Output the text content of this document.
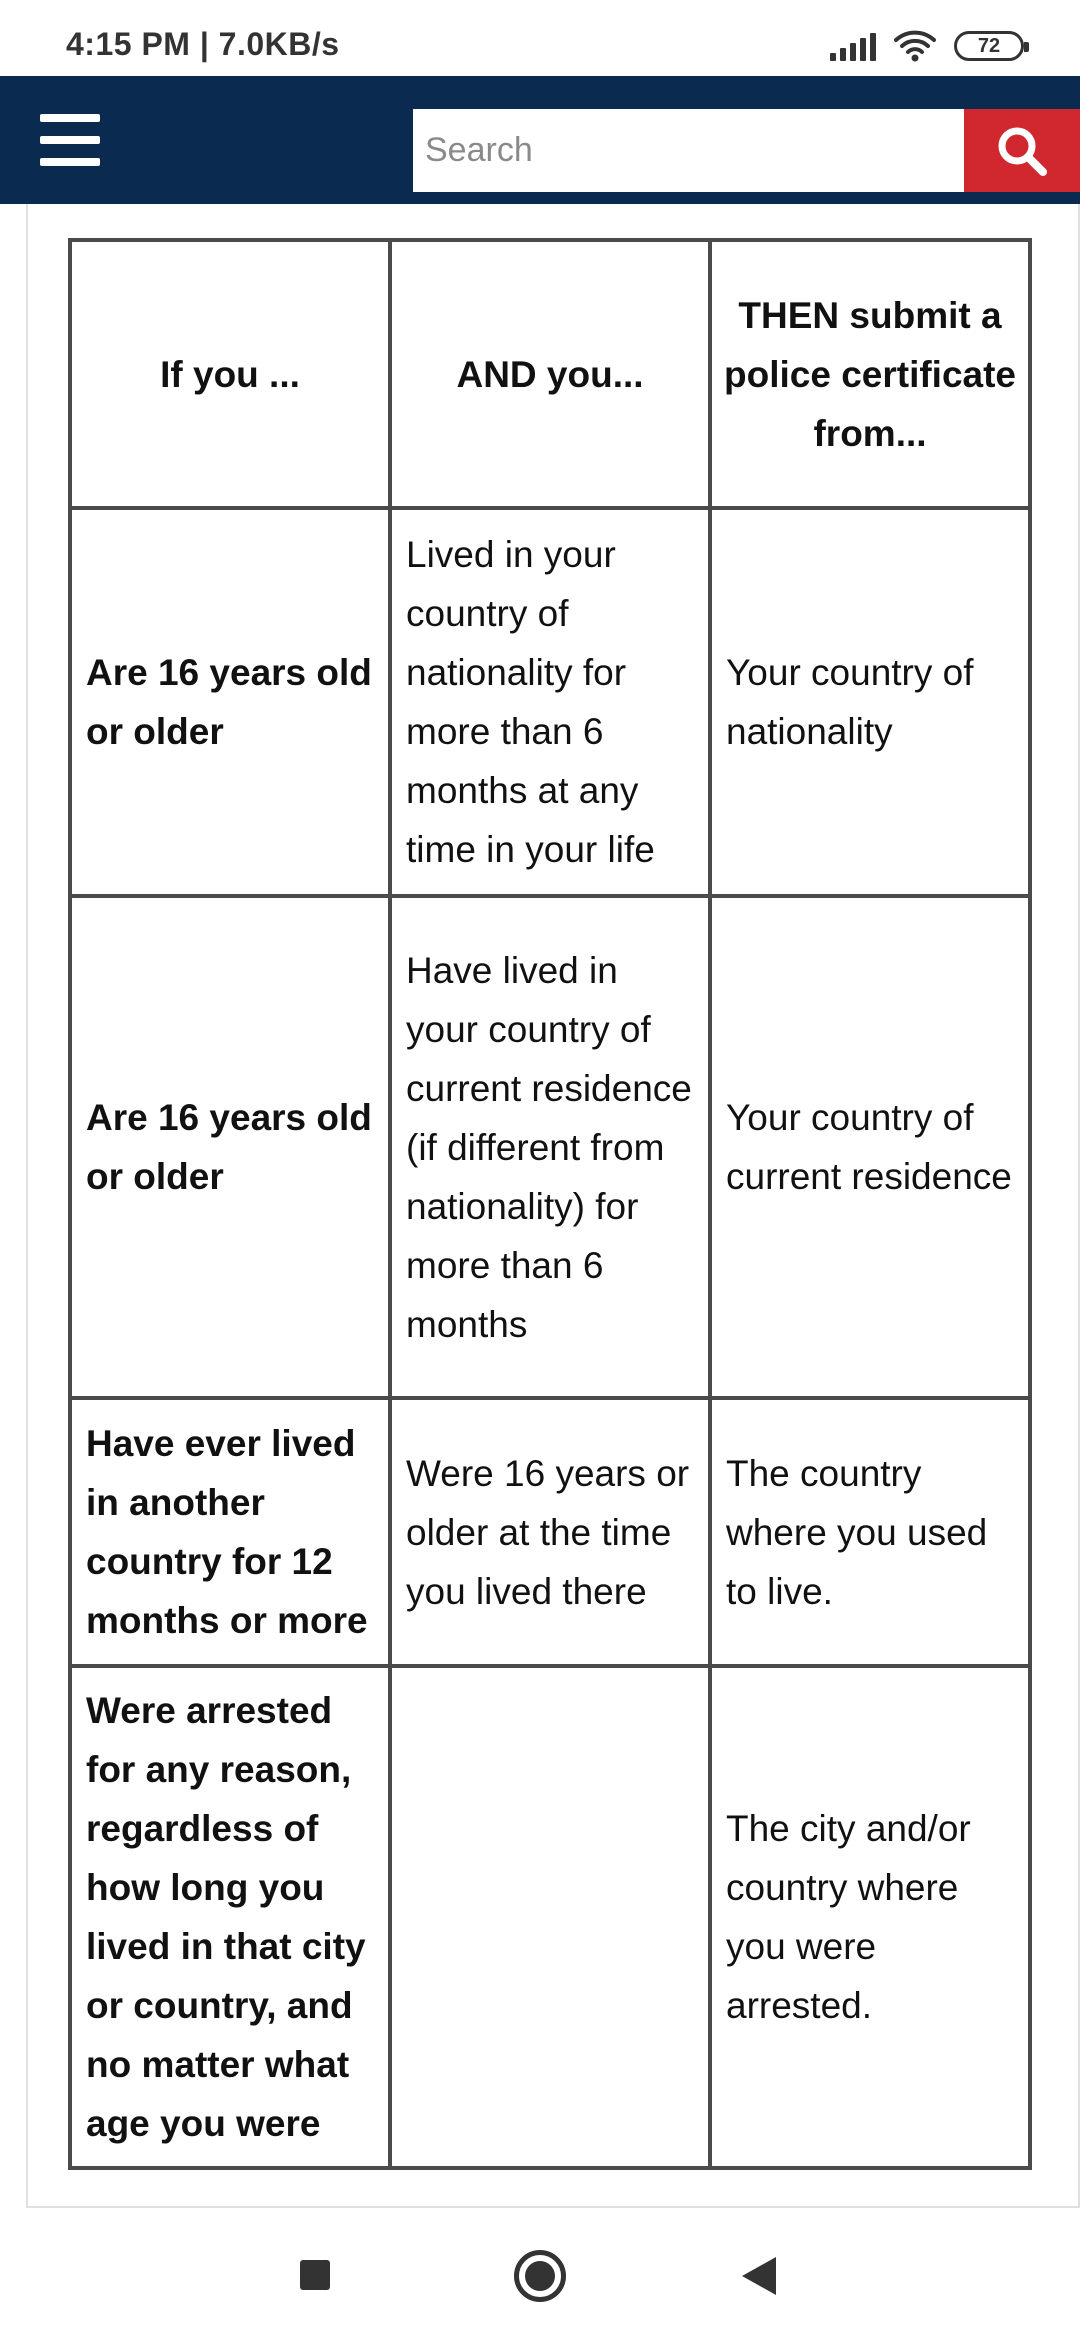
4:15 PM | 7.0KB/s	72
Search
If you ...	AND you...	THEN submit a police certificate from...
Are 16 years old or older	Lived in your country of nationality for more than 6 months at any time in your life	Your country of nationality
Are 16 years old or older	Have lived in your country of current residence (if different from nationality) for more than 6 months	Your country of current residence
Have ever lived in another country for 12 months or more	Were 16 years or older at the time you lived there	The country where you used to live.
Were arrested for any reason, regardless of how long you lived in that city or country, and no matter what age you were		The city and/or country where you were arrested.
